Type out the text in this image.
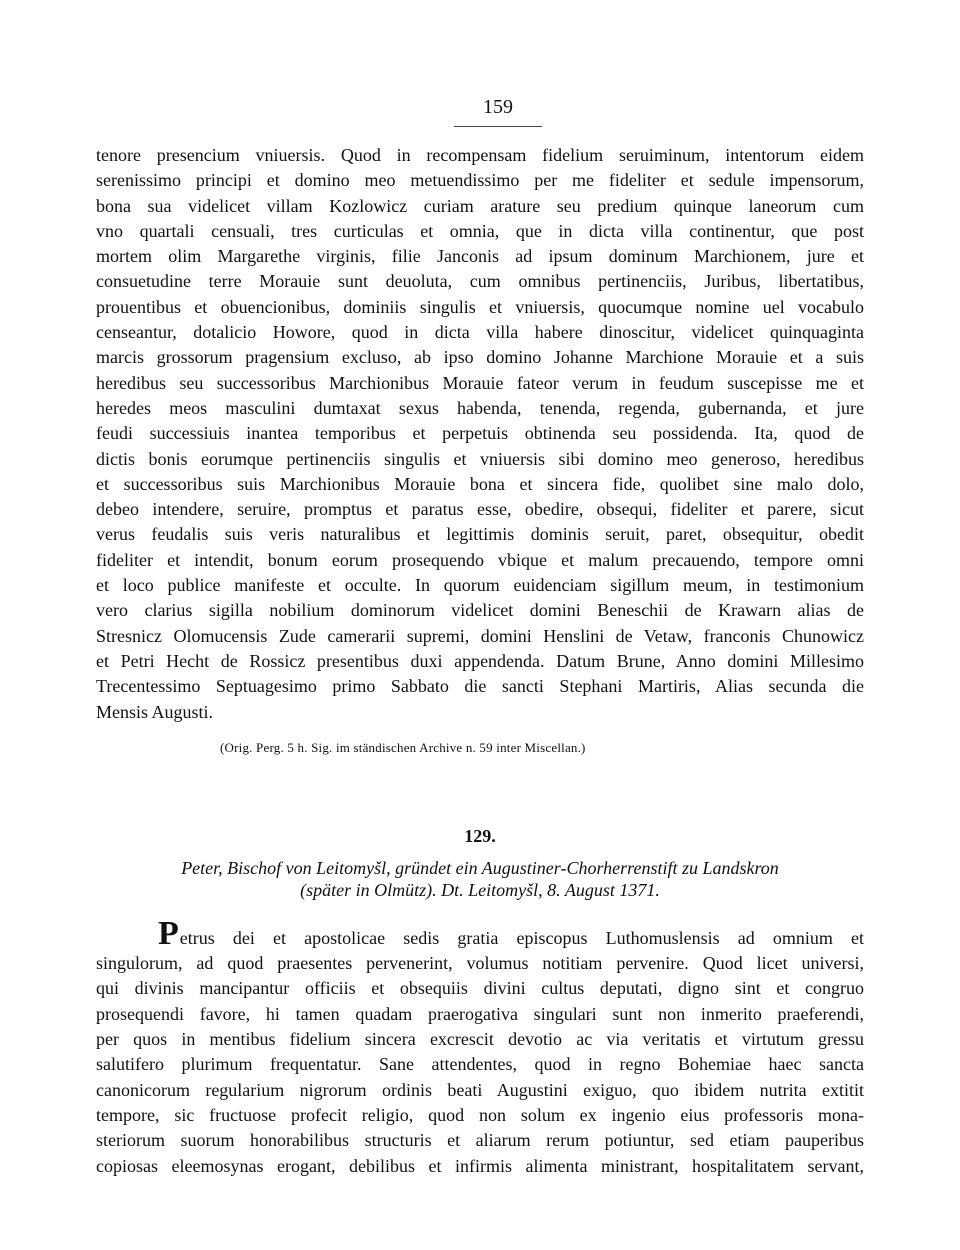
159

tenore presencium vniuersis. Quod in recompensam fidelium seruiminum, intentorum eidem
serenissimo principi et domino meo metuendissimo per me fideliter et sedule impensorum,
bona sua videlicet villam Kozlowicz curiam arature seu predium quinque laneorum cum
vno quartali censuali, tres curticulas et omnia, que in dicta villa continentur, que post
mortem olim Margarethe virginis, filie Janconis ad ipsum dominum Marchionem, jure et
consuetudine terre Morauie sunt deuoluta, cum omnibus pertinenciis, Juribus, libertatibus,
prouentibus et obuencionibus, dominiis singulis et vniuersis, quocumque nomine uel vocabulo
censeantur, dotalicio Howore, quod in dicta villa habere dinoscitur, videlicet quinquaginta
marcis grossorum pragensium excluso, ab ipso domino Johanne Marchione Morauie et a suis
heredibus seu successoribus Marchionibus Morauie fateor verum in feudum suscepisse me et
heredes meos masculini dumtaxat sexus habenda, tenenda, regenda, gubernanda, et jure
feudi successiuis inantea temporibus et perpetuis obtinenda seu possidenda. Ita, quod de
dictis bonis eorumque pertinenciis singulis et vniuersis sibi domino meo generoso, heredibus
et successoribus suis Marchionibus Morauie bona et sincera fide, quolibet sine malo dolo,
debeo intendere, seruire, promptus et paratus esse, obedire, obsequi, fideliter et parere, sicut
verus feudalis suis veris naturalibus et legittimis dominis seruit, paret, obsequitur, obedit
fideliter et intendit, bonum eorum prosequendo vbique et malum precauendo, tempore omni
et loco publice manifeste et occulte. In quorum euidenciam sigillum meum, in testimonium
vero clarius sigilla nobilium dominorum videlicet domini Beneschii de Krawarn alias de
Stresnicz Olomucensis Zude camerarii supremi, domini Henslini de Vetaw, franconis Chunowicz
et Petri Hecht de Rossicz presentibus duxi appendenda. Datum Brune, Anno domini Millesimo
Trecentessimo Septuagesimo primo Sabbato die sancti Stephani Martiris, Alias secunda die
Mensis Augusti.

(Orig. Perg. 5 h. Sig. im ständischen Archive n. 59 inter Miscellan.)
129.
Peter, Bischof von Leitomyšl, gründet ein Augustiner-Chorherrenstift zu Landskron
(später in Olmütz). Dt. Leitomyšl, 8. August 1371.

Petrus dei et apostolicae sedis gratia episcopus Luthomuslensis ad omnium et
singulorum, ad quod praesentes pervenerint, volumus notitiam pervenire. Quod licet universi,
qui divinis mancipantur officiis et obsequiis divini cultus deputati, digno sint et congruo
prosequendi favore, hi tamen quadam praerogativa singulari sunt non inmerito praeferendi,
per quos in mentibus fidelium sincera excrescit devotio ac via veritatis et virtutum gressu
salutifero plurimum frequentatur. Sane attendentes, quod in regno Bohemiae haec sancta
canonicorum regularium nigrorum ordinis beati Augustini exiguo, quo ibidem nutrita extitit
tempore, sic fructuose profecit religio, quod non solum ex ingenio eius professoris mona-
steriorum suorum honorabilibus structuris et aliarum rerum potiuntur, sed etiam pauperibus
copiosas eleemosynas erogant, debilibus et infirmis alimenta ministrant, hospitalitatem servant,
